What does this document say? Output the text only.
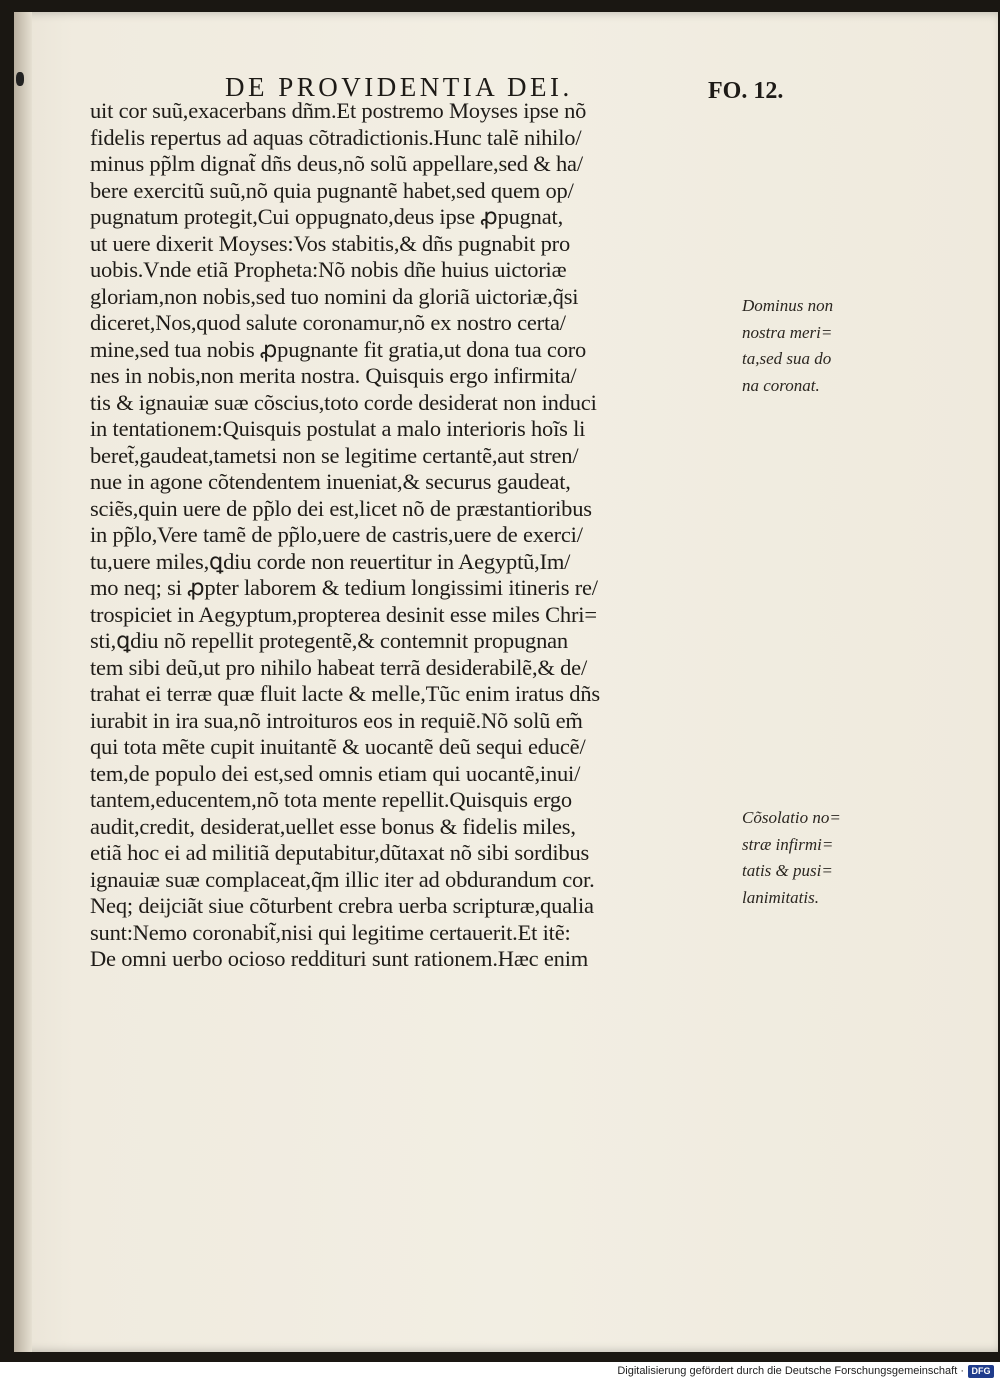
DE PROVIDENTIA DEI.	FO. 12.
uit cor suũ,exacerbans dñm.Et postremo Moyses ipse nõ
fidelis repertus ad aquas cõtradictionis.Hunc talẽ nihilo/
minus pp̃lm dignat̃ dñs deus,nõ solũ appellare,sed & ha/
bere exercitũ suũ,nõ quia pugnantẽ habet,sed quem op/
pugnatum protegit,Cui oppugnato,deus ipse ꝓpugnat,
ut uere dixerit Moyses:Vos stabitis,& dñs pugnabit pro
uobis.Vnde etiã Propheta:Nõ nobis dñe huius uictoriæ
gloriam,non nobis,sed tuo nomini da gloriã uictoriæ,q̃si
diceret,Nos,quod salute coronamur,nõ ex nostro certa/
mine,sed tua nobis ꝓpugnante fit gratia,ut dona tua coro
nes in nobis,non merita nostra. Quisquis ergo infirmita/
tis & ignauiæ suæ cõscius,toto corde desiderat non induci
in tentationem:Quisquis postulat a malo interioris hoĩs li
beret̃,gaudeat,tametsi non se legitime certantẽ,aut stren/
nue in agone cõtendentem inueniat,& securus gaudeat,
sciẽs,quin uere de pp̃lo dei est,licet nõ de præstantioribus
in pp̃lo,Vere tamẽ de pp̃lo,uere de castris,uere de exerci/
tu,uere miles,ꝗdiu corde non reuertitur in Aegyptũ,Im/
mo neq; si ꝓpter laborem & tedium longissimi itineris re/
trospiciet in Aegyptum,propterea desinit esse miles Chri=
sti,ꝗdiu nõ repellit protegentẽ,& contemnit propugnan
tem sibi deũ,ut pro nihilo habeat terrã desiderabilẽ,& de/
trahat ei terræ quæ fluit lacte & melle,Tũc enim iratus dñs
iurabit in ira sua,nõ introituros eos in requiẽ.Nõ solũ em̃
qui tota mẽte cupit inuitantẽ & uocantẽ deũ sequi educẽ/
tem,de populo dei est,sed omnis etiam qui uocantẽ,inui/
tantem,educentem,nõ tota mente repellit.Quisquis ergo
audit,credit, desiderat,uellet esse bonus & fidelis miles,
etiã hoc ei ad militiã deputabitur,dũtaxat nõ sibi sordibus
ignauiæ suæ complaceat,q̃m illic iter ad obdurandum cor.
Neq; deijciãt siue cõturbent crebra uerba scripturæ,qualia
sunt:Nemo coronabit̃,nisi qui legitime certauerit.Et itẽ:
De omni uerbo ocioso reddituri sunt rationem.Hæc enim
Dominus non
nostra meri=
ta,sed sua do
na coronat.
Cõsolatio no=
stræ infirmi=
tatis & pusi=
lanimitatis.
Digitalisierung gefördert durch die Deutsche Forschungsgemeinschaft · DFG
